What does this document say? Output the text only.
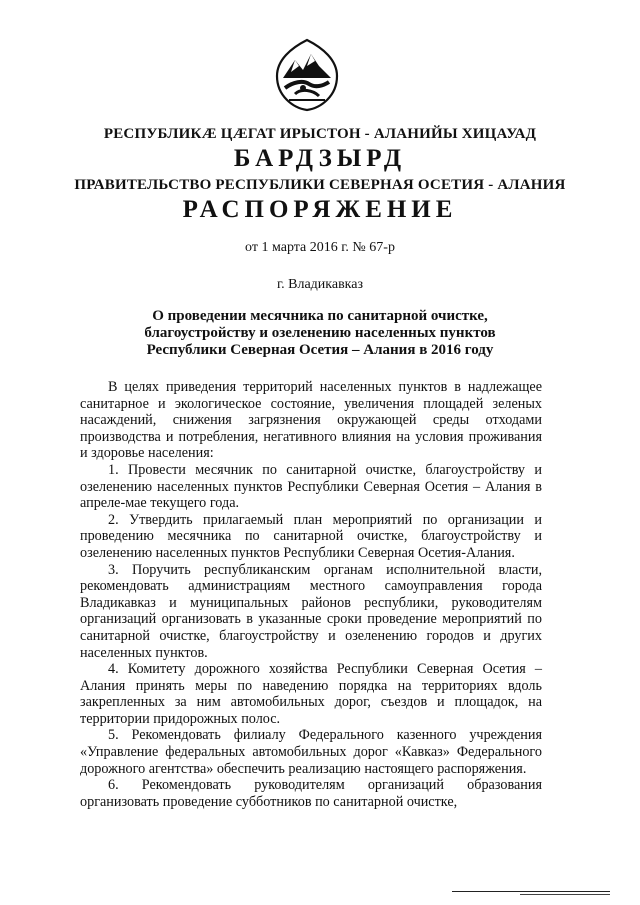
РЕСПУБЛИКӔ ЦӔГАТ ИРЫСТОН - АЛАНИЙЫ ХИЦАУАД
БАРДЗЫРД
ПРАВИТЕЛЬСТВО РЕСПУБЛИКИ СЕВЕРНАЯ ОСЕТИЯ - АЛАНИЯ
РАСПОРЯЖЕНИЕ
от 1 марта 2016 г. № 67-р
г. Владикавказ
О проведении месячника по санитарной очистке,
благоустройству и озеленению населенных пунктов
Республики Северная Осетия – Алания в 2016 году

В целях приведения территорий населенных пунктов в надлежащее санитарное и экологическое состояние, увеличения площадей зеленых насаждений, снижения загрязнения окружающей среды отходами производства и потребления, негативного влияния на условия проживания и здоровье населения:

1. Провести месячник по санитарной очистке, благоустройству и озеленению населенных пунктов Республики Северная Осетия – Алания в апреле-мае текущего года.

2. Утвердить прилагаемый план мероприятий по организации и проведению месячника по санитарной очистке, благоустройству и озеленению населенных пунктов Республики Северная Осетия-Алания.

3. Поручить республиканским органам исполнительной власти, рекомендовать администрациям местного самоуправления города Владикавказ и муниципальных районов республики, руководителям организаций организовать в указанные сроки проведение мероприятий по санитарной очистке, благоустройству и озеленению городов и других населенных пунктов.

4. Комитету дорожного хозяйства Республики Северная Осетия – Алания принять меры по наведению порядка на территориях вдоль закрепленных за ним автомобильных дорог, съездов и площадок, на территории придорожных полос.

5. Рекомендовать филиалу Федерального казенного учреждения «Управление федеральных автомобильных дорог «Кавказ» Федерального дорожного агентства» обеспечить реализацию настоящего распоряжения.

6. Рекомендовать руководителям организаций образования организовать проведение субботников по санитарной очистке,
